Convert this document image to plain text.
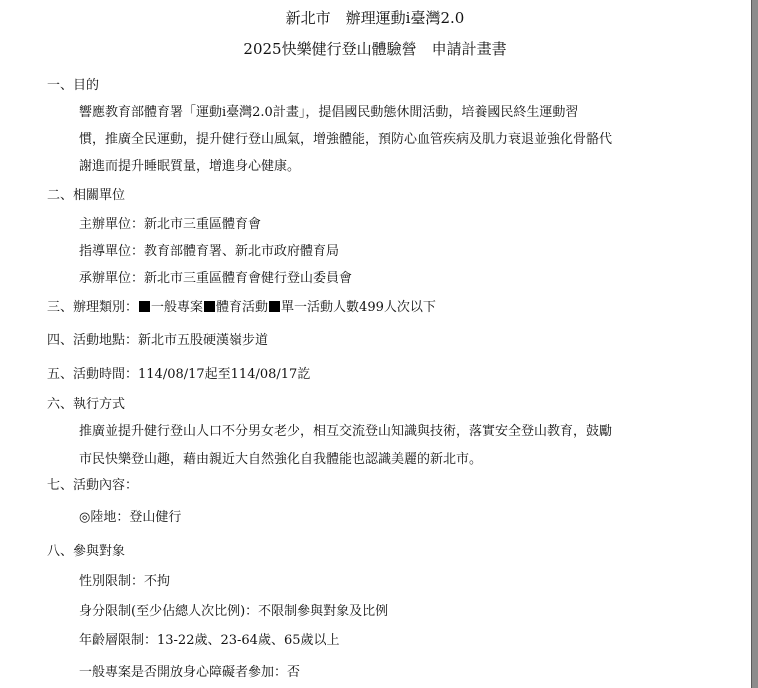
新北市　辦理運動i臺灣2.0
2025快樂健行登山體驗營　申請計畫書
一、目的
響應教育部體育署「運動i臺灣2.0計畫」，提倡國民動態休閒活動，培養國民終生運動習
慣，推廣全民運動，提升健行登山風氣，增強體能，預防心血管疾病及肌力衰退並強化骨骼代
謝進而提升睡眠質量，增進身心健康。
二、相關單位
主辦單位：新北市三重區體育會
指導單位：教育部體育署、新北市政府體育局
承辦單位：新北市三重區體育會健行登山委員會
三、辦理類別： 一般專案 體育活動 單一活動人數499人次以下
四、活動地點：新北市五股硬漢嶺步道
五、活動時間：114/08/17起至114/08/17訖
六、執行方式
推廣並提升健行登山人口不分男女老少，相互交流登山知識與技術，落實安全登山教育，鼓勵
市民快樂登山趣，藉由親近大自然強化自我體能也認識美麗的新北市。
七、活動內容：
◎陸地：登山健行
八、參與對象
性別限制：不拘
身分限制(至少佔總人次比例)：不限制參與對象及比例
年齡層限制：13-22歲、23-64歲、65歲以上
一般專案是否開放身心障礙者參加：否
